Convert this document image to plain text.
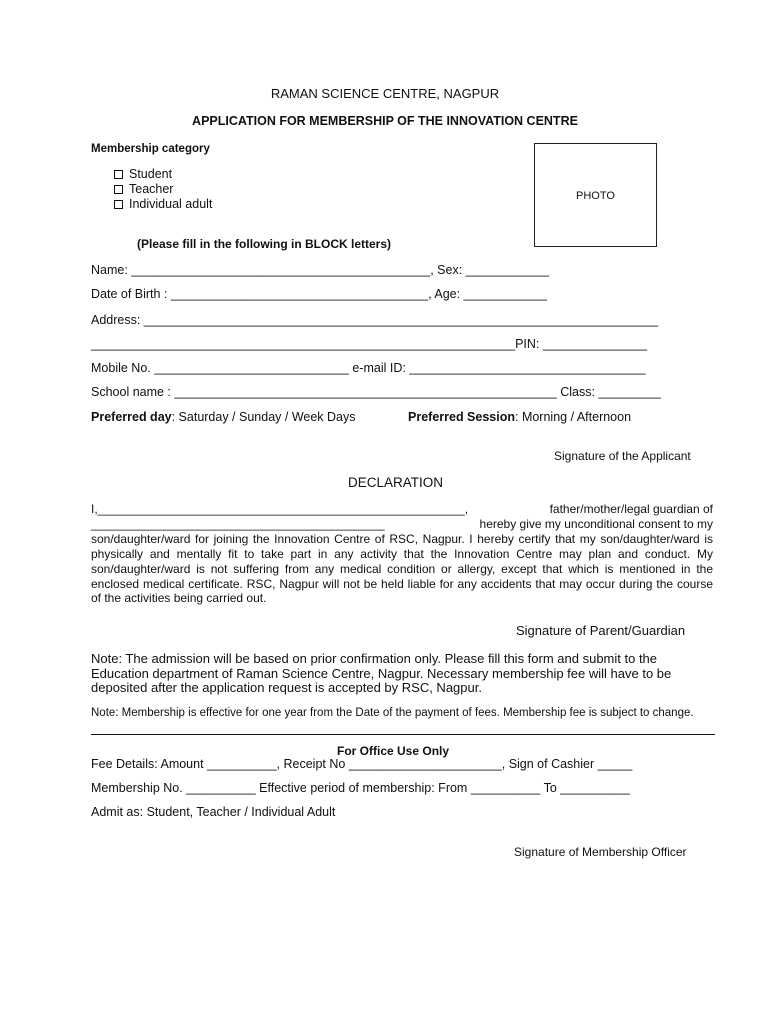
RAMAN SCIENCE CENTRE, NAGPUR
APPLICATION FOR MEMBERSHIP OF THE INNOVATION CENTRE
Membership category
Student
Teacher
Individual adult
PHOTO
(Please fill in the following in BLOCK letters)
Name: ___________________________________________, Sex: ____________
Date of Birth : _____________________________________, Age: ____________
Address: __________________________________________________________________________
_____________________________________________________________PIN: _______________
Mobile No. ____________________________ e-mail ID: __________________________________
School name : _______________________________________________________ Class: _________
Preferred day: Saturday / Sunday / Week Days	Preferred Session: Morning / Afternoon
Signature of the Applicant
DECLARATION

I,_______________________________________________________,	father/mother/legal guardian of

____________________________________________	hereby give my unconditional consent to my

son/daughter/ward for joining the Innovation Centre of RSC, Nagpur. I hereby certify that my son/daughter/ward is physically and mentally fit to take part in any activity that the Innovation Centre may plan and conduct. My son/daughter/ward is not suffering from any medical condition or allergy, except that which is mentioned in the enclosed medical certificate. RSC, Nagpur will not be held liable for any accidents that may occur during the course of the activities being carried out.

Signature of Parent/Guardian

Note: The admission will be based on prior confirmation only. Please fill this form and submit to the Education department of Raman Science Centre, Nagpur. Necessary membership fee will have to be deposited after the application request is accepted by RSC, Nagpur.

Note: Membership is effective for one year from the Date of the payment of fees. Membership fee is subject to change.

For Office Use Only
Fee Details: Amount __________, Receipt No ______________________, Sign of Cashier _____
Membership No. __________ Effective period of membership: From __________ To __________
Admit as: Student, Teacher / Individual Adult
Signature of Membership Officer
